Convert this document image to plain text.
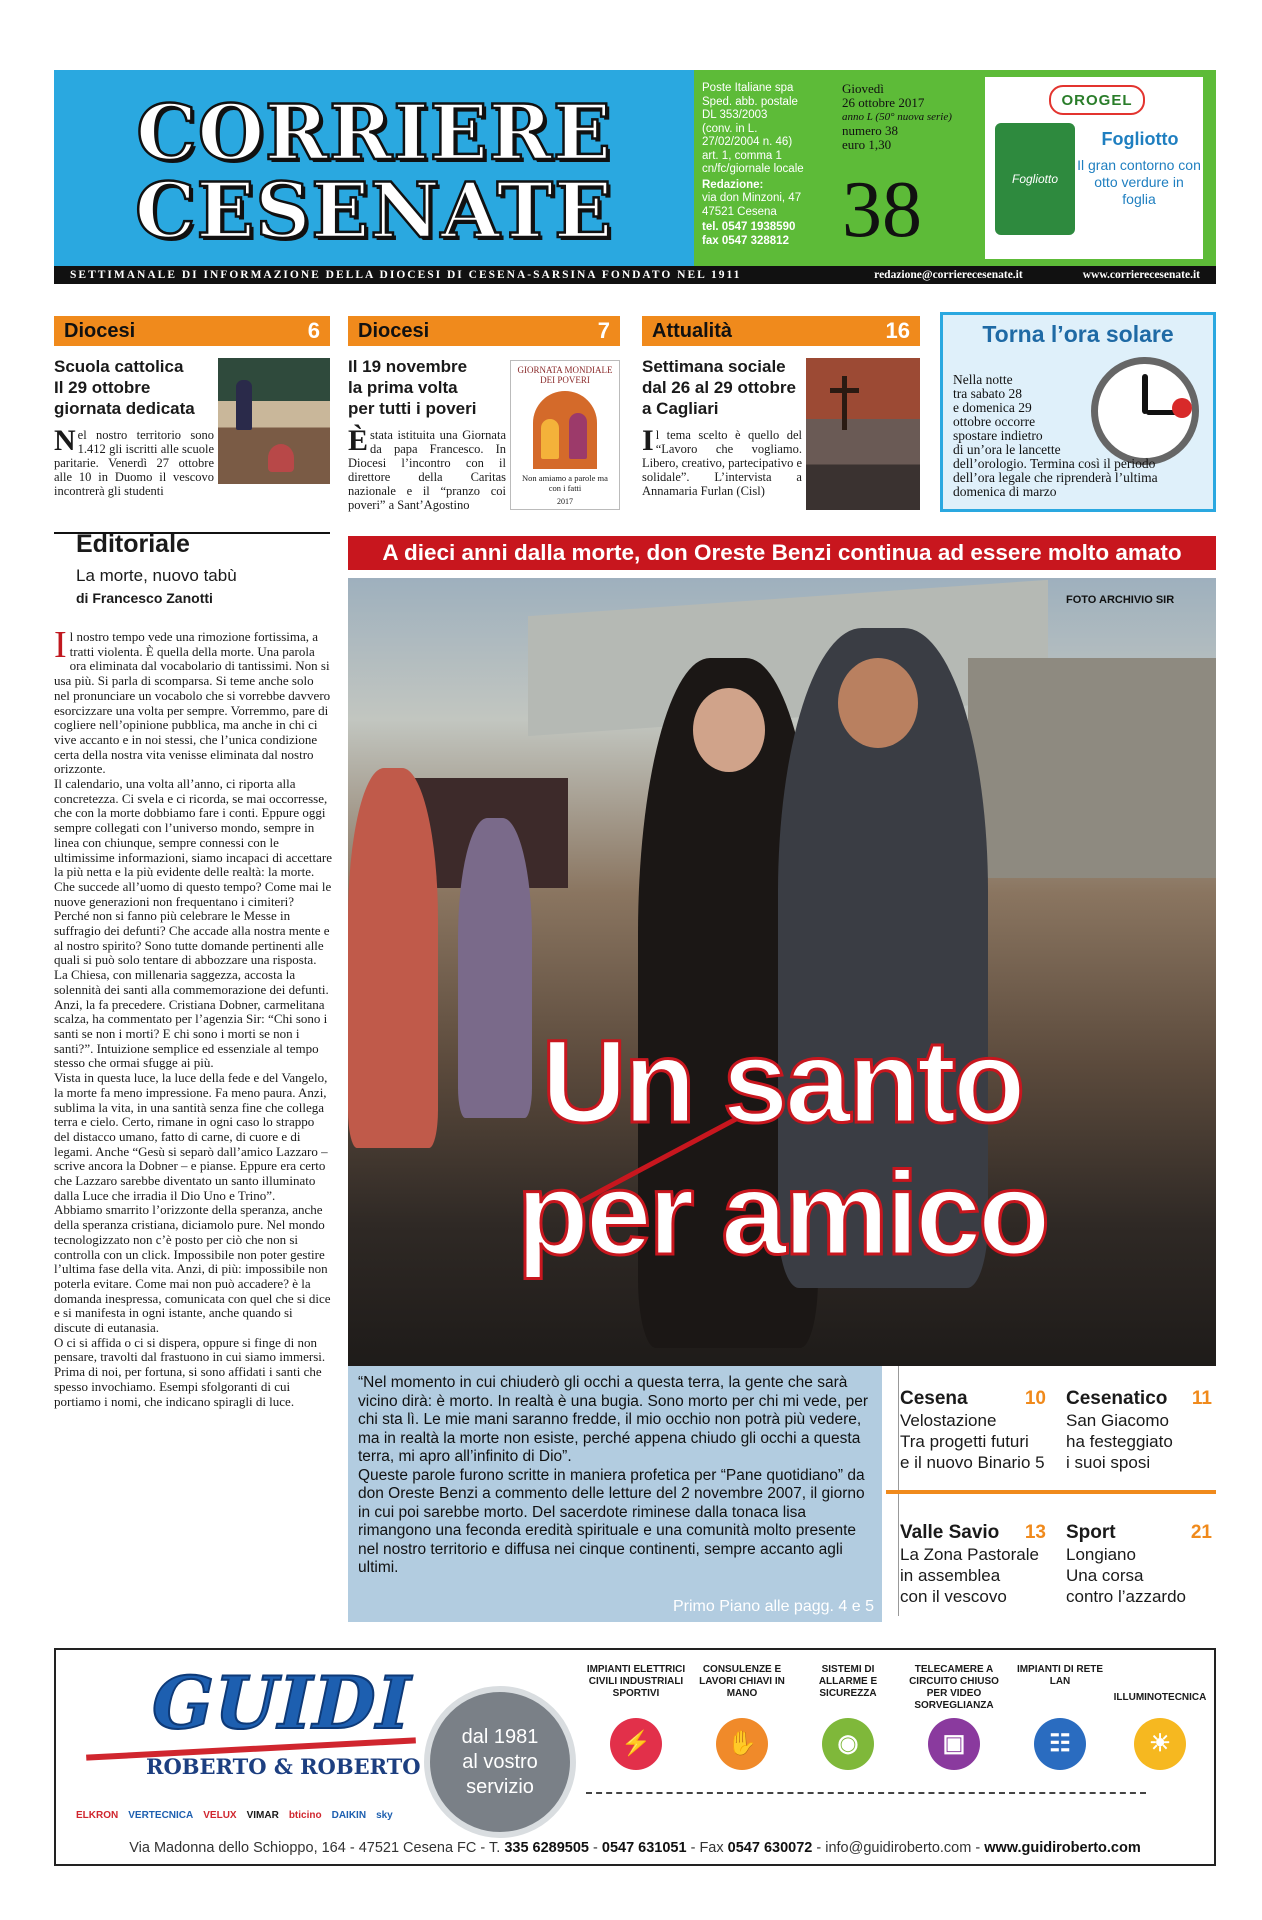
CORRIERE
CESENATE
Poste Italiane spa
Sped. abb. postale
DL 353/2003
(conv. in L.
27/02/2004 n. 46)
art. 1, comma 1
cn/fc/giornale locale
Redazione:
via don Minzoni, 47
47521 Cesena
tel. 0547 1938590
fax 0547 328812
Giovedì
26 ottobre 2017
anno L (50° nuova serie)
numero 38
euro 1,30
38
OROGEL
Fogliotto
Fogliotto
Il gran contorno con otto verdure in foglia
SETTIMANALE DI INFORMAZIONE DELLA DIOCESI DI CESENA-SARSINA FONDATO NEL 1911	redazione@corrierecesenate.it	www.corrierecesenate.it
Diocesi	6
Scuola cattolica
Il 29 ottobre
giornata dedicata

Nel nostro territorio sono 1.412 gli iscritti alle scuole paritarie. Venerdì 27 ottobre alle 10 in Duomo il vescovo incontrerà gli studenti

Diocesi	7
Il 19 novembre
la prima volta
per tutti i poveri
GIORNATA MONDIALE DEI POVERI
Non amiamo a parole ma con i fatti
2017

Èstata istituita una Giornata da papa Francesco. In Diocesi l’incontro con il direttore della Caritas nazionale e il “pranzo coi poveri” a Sant’Agostino

Attualità	16
Settimana sociale
dal 26 al 29 ottobre
a Cagliari

Il tema scelto è quello del “Lavoro che vogliamo. Libero, creativo, partecipativo e solidale”. L’intervista a Annamaria Furlan (Cisl)

Torna l’ora solare

Nella notte
tra sabato 28
e domenica 29
ottobre occorre
spostare indietro
di un’ora le lancette
dell’orologio. Termina così il periodo
dell’ora legale che riprenderà l’ultima
domenica di marzo

Editoriale
La morte, nuovo tabù
di Francesco Zanotti
Il nostro tempo vede una rimozione fortissima, a tratti violenta. È quella della morte. Una parola ora eliminata dal vocabolario di tantissimi. Non si usa più. Si parla di scomparsa. Si teme anche solo nel pronunciare un vocabolo che si vorrebbe davvero esorcizzare una volta per sempre. Vorremmo, pare di cogliere nell’opinione pubblica, ma anche in chi ci vive accanto e in noi stessi, che l’unica condizione certa della nostra vita venisse eliminata dal nostro orizzonte.
Il calendario, una volta all’anno, ci riporta alla concretezza. Ci svela e ci ricorda, se mai occorresse, che con la morte dobbiamo fare i conti. Eppure oggi sempre collegati con l’universo mondo, sempre in linea con chiunque, sempre connessi con le ultimissime informazioni, siamo incapaci di accettare la più netta e la più evidente delle realtà: la morte.
Che succede all’uomo di questo tempo? Come mai le nuove generazioni non frequentano i cimiteri? Perché non si fanno più celebrare le Messe in suffragio dei defunti? Che accade alla nostra mente e al nostro spirito? Sono tutte domande pertinenti alle quali si può solo tentare di abbozzare una risposta.
La Chiesa, con millenaria saggezza, accosta la solennità dei santi alla commemorazione dei defunti. Anzi, la fa precedere. Cristiana Dobner, carmelitana scalza, ha commentato per l’agenzia Sir: “Chi sono i santi se non i morti? E chi sono i morti se non i santi?”. Intuizione semplice ed essenziale al tempo stesso che ormai sfugge ai più.
Vista in questa luce, la luce della fede e del Vangelo, la morte fa meno impressione. Fa meno paura. Anzi, sublima la vita, in una santità senza fine che collega terra e cielo. Certo, rimane in ogni caso lo strappo del distacco umano, fatto di carne, di cuore e di legami. Anche “Gesù si separò dall’amico Lazzaro – scrive ancora la Dobner – e pianse. Eppure era certo che Lazzaro sarebbe diventato un santo illuminato dalla Luce che irradia il Dio Uno e Trino”.
Abbiamo smarrito l’orizzonte della speranza, anche della speranza cristiana, diciamolo pure. Nel mondo tecnologizzato non c’è posto per ciò che non si controlla con un click. Impossibile non poter gestire l’ultima fase della vita. Anzi, di più: impossibile non poterla evitare. Come mai non può accadere? è la domanda inespressa, comunicata con quel che si dice e si manifesta in ogni istante, anche quando si discute di eutanasia.
O ci si affida o ci si dispera, oppure si finge di non pensare, travolti dal frastuono in cui siamo immersi. Prima di noi, per fortuna, si sono affidati i santi che spesso invochiamo. Esempi sfolgoranti di cui portiamo i nomi, che indicano spiragli di luce.
A dieci anni dalla morte, don Oreste Benzi continua ad essere molto amato
FOTO ARCHIVIO SIR
Un santo
per amico
“Nel momento in cui chiuderò gli occhi a questa terra, la gente che sarà vicino dirà: è morto. In realtà è una bugia. Sono morto per chi mi vede, per chi sta lì. Le mie mani saranno fredde, il mio occhio non potrà più vedere, ma in realtà la morte non esiste, perché appena chiudo gli occhi a questa terra, mi apro all’infinito di Dio”.
Queste parole furono scritte in maniera profetica per “Pane quotidiano” da don Oreste Benzi a commento delle letture del 2 novembre 2007, il giorno in cui poi sarebbe morto. Del sacerdote riminese dalla tonaca lisa rimangono una feconda eredità spirituale e una comunità molto presente nel nostro territorio e diffusa nei cinque continenti, sempre accanto agli ultimi.
Primo Piano alle pagg. 4 e 5
Cesena	10
Velostazione
Tra progetti futuri
e il nuovo Binario 5
Cesenatico 11
San Giacomo
ha festeggiato
i suoi sposi
Valle Savio 13
La Zona Pastorale
in assemblea
con il vescovo
Sport	21
Longiano
Una corsa
contro l’azzardo
GUIDI
ROBERTO & ROBERTO
ELKRON VERTECNICA VELUX VIMAR bticino DAIKIN sky
dal 1981
al vostro
servizio
IMPIANTI ELETTRICI CIVILI INDUSTRIALI SPORTIVI
⚡
CONSULENZE E LAVORI CHIAVI IN MANO
✋
SISTEMI DI ALLARME E SICUREZZA
◉
TELECAMERE A CIRCUITO CHIUSO PER VIDEO SORVEGLIANZA
▣
IMPIANTI DI RETE LAN
☷
ILLUMINOTECNICA
☀
Via Madonna dello Schioppo, 164 - 47521 Cesena FC - T. 335 6289505 - 0547 631051 - Fax 0547 630072 - info@guidiroberto.com - www.guidiroberto.com
